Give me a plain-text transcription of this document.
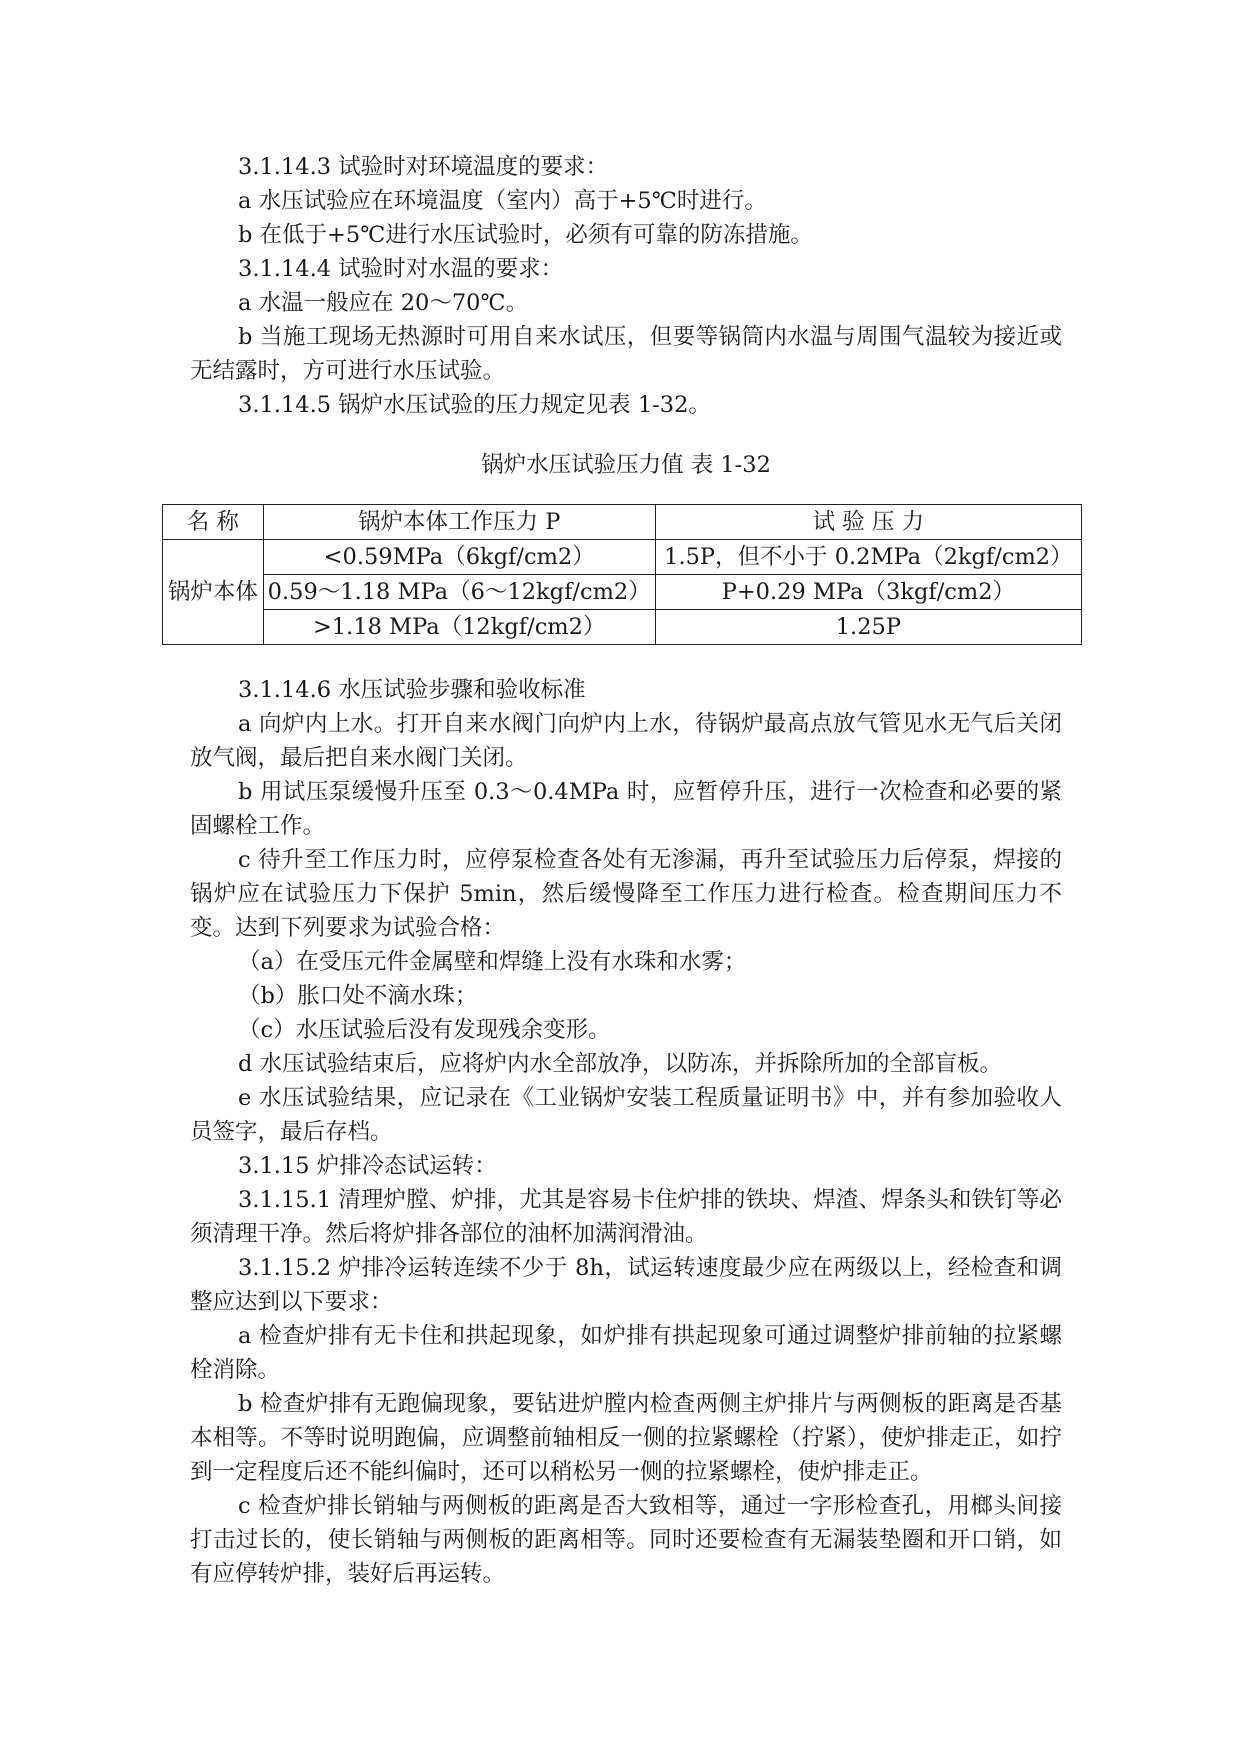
3.1.14.3 试验时对环境温度的要求：

a 水压试验应在环境温度（室内）高于+5℃时进行。

b 在低于+5℃进行水压试验时，必须有可靠的防冻措施。

3.1.14.4 试验时对水温的要求：

a 水温一般应在 20～70℃。

b 当施工现场无热源时可用自来水试压，但要等锅筒内水温与周围气温较为接近或无结露时，方可进行水压试验。

3.1.14.5 锅炉水压试验的压力规定见表 1-32。

锅炉水压试验压力值 表 1-32
名 称	锅炉本体工作压力 P	试 验 压 力
锅炉本体	<0.59MPa（6kgf/cm2）	1.5P，但不小于 0.2MPa（2kgf/cm2）
	0.59～1.18 MPa（6～12kgf/cm2）	P+0.29 MPa（3kgf/cm2）
	>1.18 MPa（12kgf/cm2）	1.25P

3.1.14.6 水压试验步骤和验收标准

a 向炉内上水。打开自来水阀门向炉内上水，待锅炉最高点放气管见水无气后关闭放气阀，最后把自来水阀门关闭。

b 用试压泵缓慢升压至 0.3～0.4MPa 时，应暂停升压，进行一次检查和必要的紧固螺栓工作。

c 待升至工作压力时，应停泵检查各处有无渗漏，再升至试验压力后停泵，焊接的锅炉应在试验压力下保护 5min，然后缓慢降至工作压力进行检查。检查期间压力不变。达到下列要求为试验合格：

（a）在受压元件金属壁和焊缝上没有水珠和水雾；

（b）胀口处不滴水珠；

（c）水压试验后没有发现残余变形。

d 水压试验结束后，应将炉内水全部放净，以防冻，并拆除所加的全部盲板。

e 水压试验结果，应记录在《工业锅炉安装工程质量证明书》中，并有参加验收人员签字，最后存档。

3.1.15 炉排冷态试运转：

3.1.15.1 清理炉膛、炉排，尤其是容易卡住炉排的铁块、焊渣、焊条头和铁钉等必须清理干净。然后将炉排各部位的油杯加满润滑油。

3.1.15.2 炉排冷运转连续不少于 8h，试运转速度最少应在两级以上，经检查和调整应达到以下要求：

a 检查炉排有无卡住和拱起现象，如炉排有拱起现象可通过调整炉排前轴的拉紧螺栓消除。

b 检查炉排有无跑偏现象，要钻进炉膛内检查两侧主炉排片与两侧板的距离是否基本相等。不等时说明跑偏，应调整前轴相反一侧的拉紧螺栓（拧紧），使炉排走正，如拧到一定程度后还不能纠偏时，还可以稍松另一侧的拉紧螺栓，使炉排走正。

c 检查炉排长销轴与两侧板的距离是否大致相等，通过一字形检查孔，用榔头间接打击过长的，使长销轴与两侧板的距离相等。同时还要检查有无漏装垫圈和开口销，如有应停转炉排，装好后再运转。
